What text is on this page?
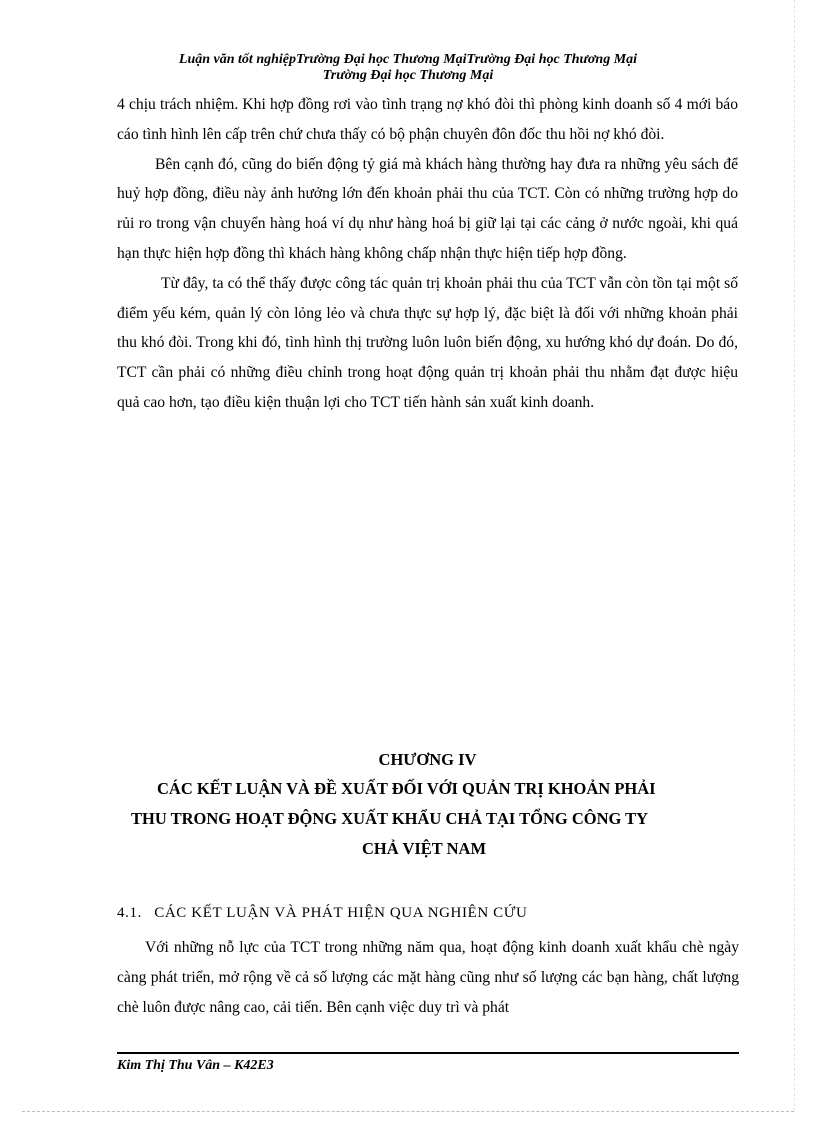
Luận văn tốt nghiệpTrường Đại học Thương MạiTrường Đại học Thương Mại
Trường Đại học Thương Mại

4 chịu trách nhiệm. Khi hợp đồng rơi vào tình trạng nợ khó đòi thì phòng kinh doanh số 4 mới báo cáo tình hình lên cấp trên chứ chưa thấy có bộ phận chuyên đôn đốc thu hồi nợ khó đòi.

Bên cạnh đó, cũng do biến động tỷ giá mà khách hàng thường hay đưa ra những yêu sách để huỷ hợp đồng, điều này ảnh hưởng lớn đến khoản phải thu của TCT. Còn có những trường hợp do rủi ro trong vận chuyển hàng hoá ví dụ như hàng hoá bị giữ lại tại các cảng ở nước ngoài, khi quá hạn thực hiện hợp đồng thì khách hàng không chấp nhận thực hiện tiếp hợp đồng.

Từ đây, ta có thể thấy được công tác quản trị khoản phải thu của TCT vẫn còn tồn tại một số điểm yếu kém, quản lý còn lỏng lẻo và chưa thực sự hợp lý, đặc biệt là đối với những khoản phải thu khó đòi. Trong khi đó, tình hình thị trường luôn luôn biến động, xu hướng khó dự đoán. Do đó, TCT cần phải có những điều chỉnh trong hoạt động quản trị khoản phải thu nhằm đạt được hiệu quả cao hơn, tạo điều kiện thuận lợi cho TCT tiến hành sản xuất kinh doanh.

CHƯƠNG IV
CÁC KẾT LUẬN VÀ ĐỀ XUẤT ĐỐI VỚI QUẢN TRỊ KHOẢN PHẢI
THU TRONG HOẠT ĐỘNG XUẤT KHẨU CHẢ TẠI TỔNG CÔNG TY
CHẢ VIỆT NAM
4.1. CÁC KẾT LUẬN VÀ PHÁT HIỆN QUA NGHIÊN CỨU

Với những nỗ lực của TCT trong những năm qua, hoạt động kinh doanh xuất khẩu chè ngày càng phát triển, mở rộng về cả số lượng các mặt hàng cũng như số lượng các bạn hàng, chất lượng chè luôn được nâng cao, cải tiến. Bên cạnh việc duy trì và phát

Kim Thị Thu Vân – K42E3
